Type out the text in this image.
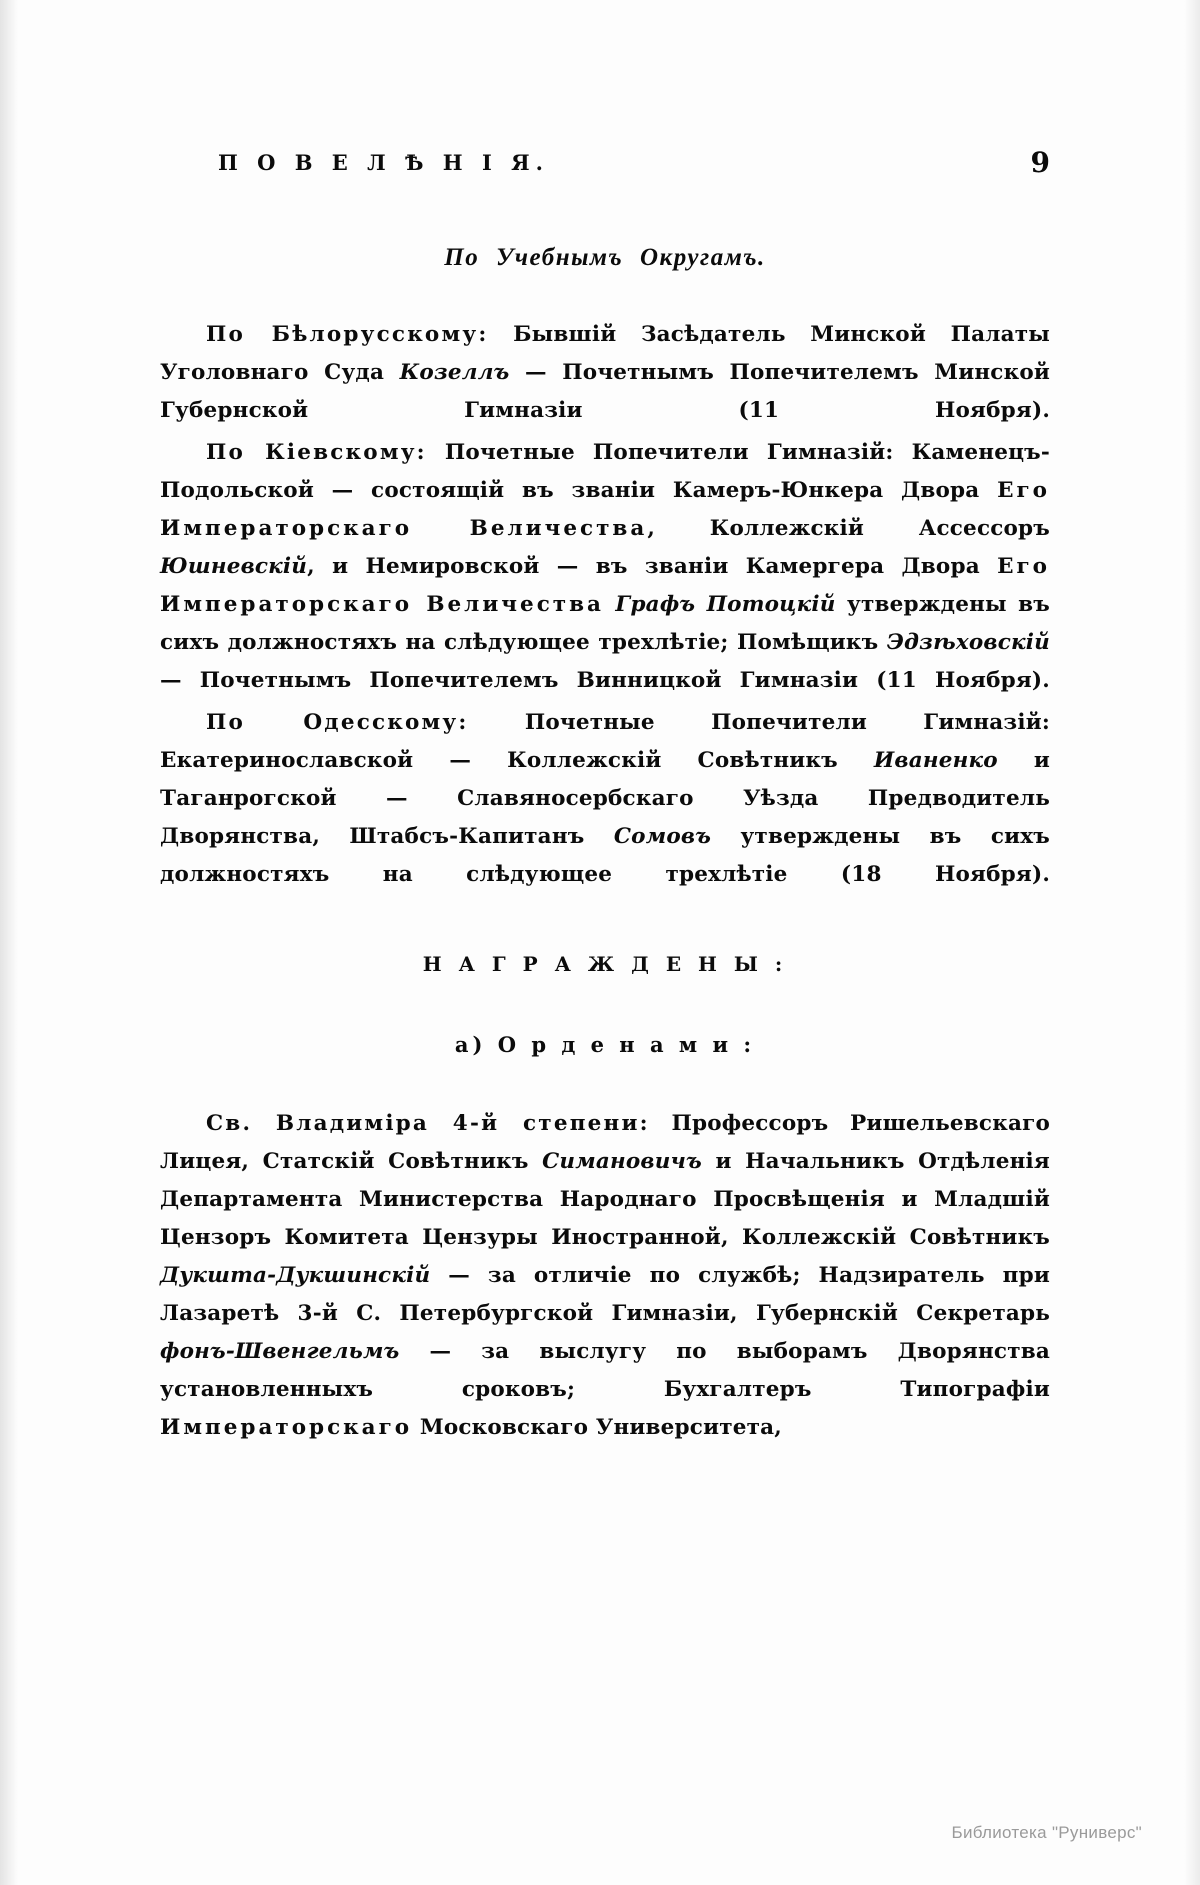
П О В Е Л Ѣ Н І Я.	9
По Учебнымъ Округамъ.

По Бѣлорусскому: Бывшій Засѣдатель Минской Палаты Уголовнаго Суда Козеллъ — Почетнымъ Попечителемъ Минской Губернской Гимназіи (11 Ноября).

По Кіевскому: Почетные Попечители Гимназій: Каменецъ-Подольской — состоящій въ званіи Камеръ-Юнкера Двора Его Императорскаго Величества, Коллежскій Ассессоръ Юшневскій, и Немировской — въ званіи Камергера Двора Его Императорскаго Величества Графъ Потоцкій утверждены въ сихъ должностяхъ на слѣдующее трехлѣтіе; Помѣщикъ Эдзѣховскій — Почетнымъ Попечителемъ Винницкой Гимназіи (11 Ноября).

По Одесскому: Почетные Попечители Гимназій: Екатеринославской — Коллежскій Совѣтникъ Иваненко и Таганрогской — Славяносербскаго Уѣзда Предводитель Дворянства, Штабсъ-Капитанъ Сомовъ утверждены въ сихъ должностяхъ на слѣдующее трехлѣтіе (18 Ноября).

Н А Г Р А Ж Д Е Н Ы :
а) О р д е н а м и :

Св. Владиміра 4-й степени: Профессоръ Ришельевскаго Лицея, Статскій Совѣтникъ Симановичъ и Начальникъ Отдѣленія Департамента Министерства Народнаго Просвѣщенія и Младшій Цензоръ Комитета Цензуры Иностранной, Коллежскій Совѣтникъ Дукшта-Дукшинскій — за отличіе по службѣ; Надзиратель при Лазаретѣ 3-й С. Петербургской Гимназіи, Губернскій Секретарь фонъ-Швенгельмъ — за выслугу по выборамъ Дворянства установленныхъ сроковъ; Бухгалтеръ Типографіи Императорскаго Московскаго Университета,

Библиотека "Руниверс"
